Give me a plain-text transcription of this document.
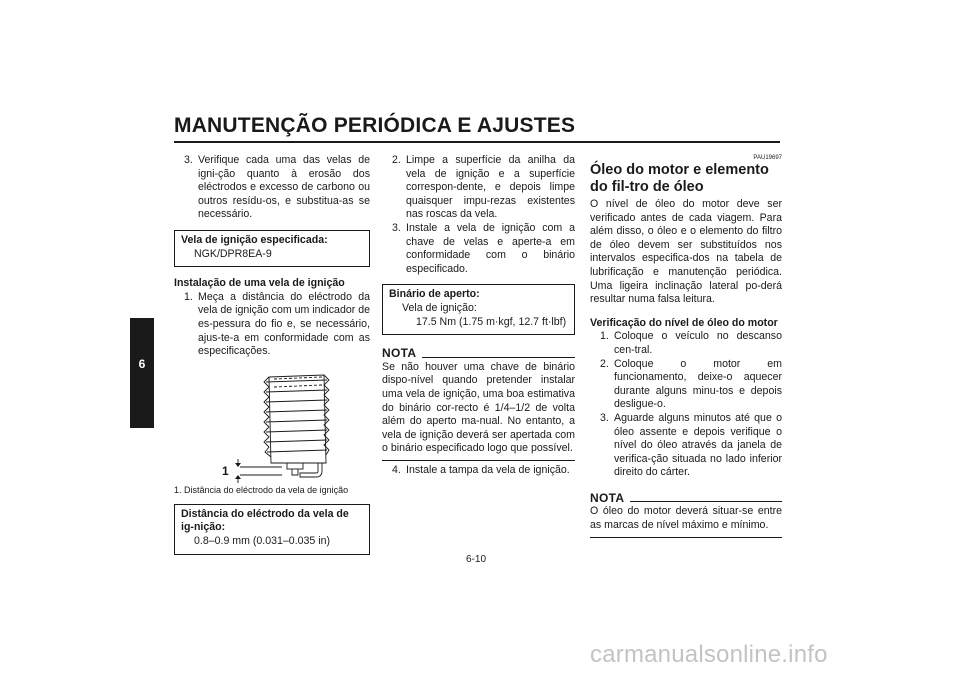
MANUTENÇÃO PERIÓDICA E AJUSTES
6
3. Verifique cada uma das velas de igni-ção quanto à erosão dos eléctrodos e excesso de carbono ou outros resídu-os, e substitua-as se necessário.
Vela de ignição especificada:
NGK/DPR8EA-9
Instalação de uma vela de ignição
1. Meça a distância do eléctrodo da vela de ignição com um indicador de es-pessura do fio e, se necessário, ajus-te-a em conformidade com as especificações.
1
1. Distância do eléctrodo da vela de ignição
Distância do eléctrodo da vela de ig-nição:
0.8–0.9 mm (0.031–0.035 in)
2. Limpe a superfície da anilha da vela de ignição e a superfície correspon-dente, e depois limpe quaisquer impu-rezas existentes nas roscas da vela.
3. Instale a vela de ignição com a chave de velas e aperte-a em conformidade com o binário especificado.
Binário de aperto:
Vela de ignição:
17.5 Nm (1.75 m·kgf, 12.7 ft·lbf)
NOTA

Se não houver uma chave de binário dispo-nível quando pretender instalar uma vela de ignição, uma boa estimativa do binário cor-recto é 1/4–1/2 de volta além do aperto ma-nual. No entanto, a vela de ignição deverá ser apertada com o binário especificado logo que possível.

4. Instale a tampa da vela de ignição.
PAU19697
Óleo do motor e elemento do fil-tro de óleo

O nível de óleo do motor deve ser verificado antes de cada viagem. Para além disso, o óleo e o elemento do filtro de óleo devem ser substituídos nos intervalos especifica-dos na tabela de lubrificação e manutenção periódica. Uma ligeira inclinação lateral po-derá resultar numa falsa leitura.

Verificação do nível de óleo do motor
1. Coloque o veículo no descanso cen-tral.
2. Coloque o motor em funcionamento, deixe-o aquecer durante alguns minu-tos e depois desligue-o.
3. Aguarde alguns minutos até que o óleo assente e depois verifique o nível do óleo através da janela de verifica-ção situada no lado inferior direito do cárter.
NOTA

O óleo do motor deverá situar-se entre as marcas de nível máximo e mínimo.

6-10
carmanualsonline.info
